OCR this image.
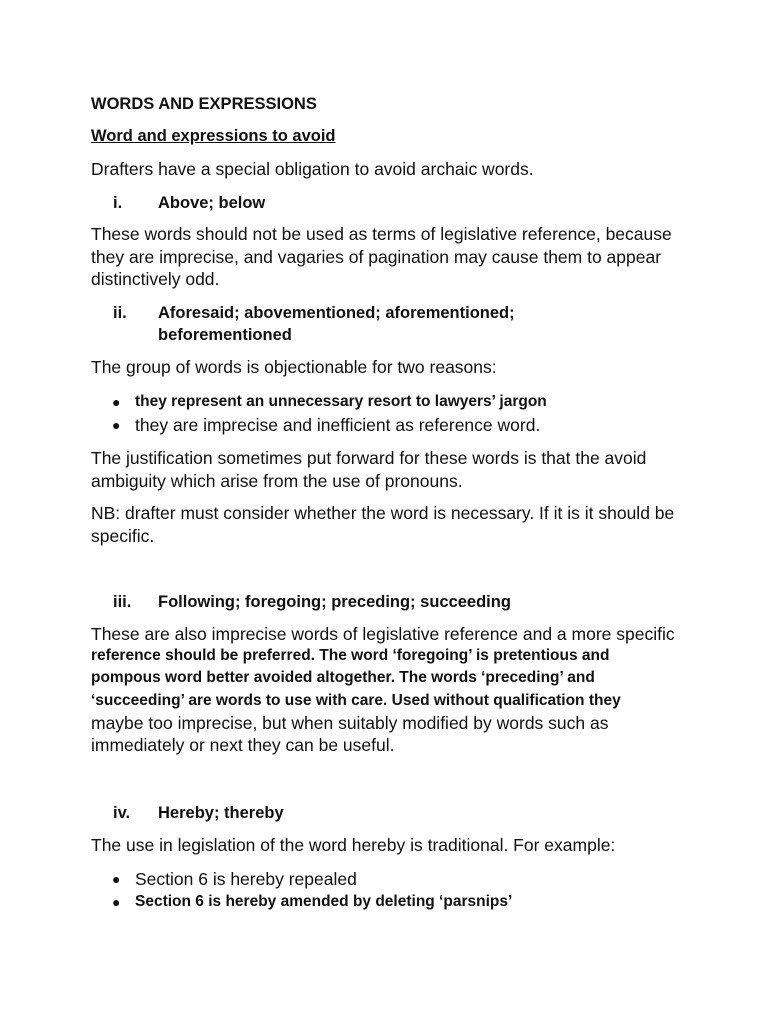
WORDS AND EXPRESSIONS

Word and expressions to avoid

Drafters have a special obligation to avoid archaic words.

i. Above; below

These words should not be used as terms of legislative reference, because they are imprecise, and vagaries of pagination may cause them to appear distinctively odd.

ii. Aforesaid; abovementioned; aforementioned; beforementioned

The group of words is objectionable for two reasons:

● they represent an unnecessary resort to lawyers’ jargon
● they are imprecise and inefficient as reference word.

The justification sometimes put forward for these words is that the avoid ambiguity which arise from the use of pronouns.

NB: drafter must consider whether the word is necessary. If it is it should be specific.

iii. Following; foregoing; preceding; succeeding
These are also imprecise words of legislative reference and a more specific
reference should be preferred. The word ‘foregoing’ is pretentious and
pompous word better avoided altogether. The words ‘preceding’ and
‘succeeding’ are words to use with care. Used without qualification they
maybe too imprecise, but when suitably modified by words such as
immediately or next they can be useful.
iv. Hereby; thereby

The use in legislation of the word hereby is traditional. For example:

● Section 6 is hereby repealed
● Section 6 is hereby amended by deleting ‘parsnips’
